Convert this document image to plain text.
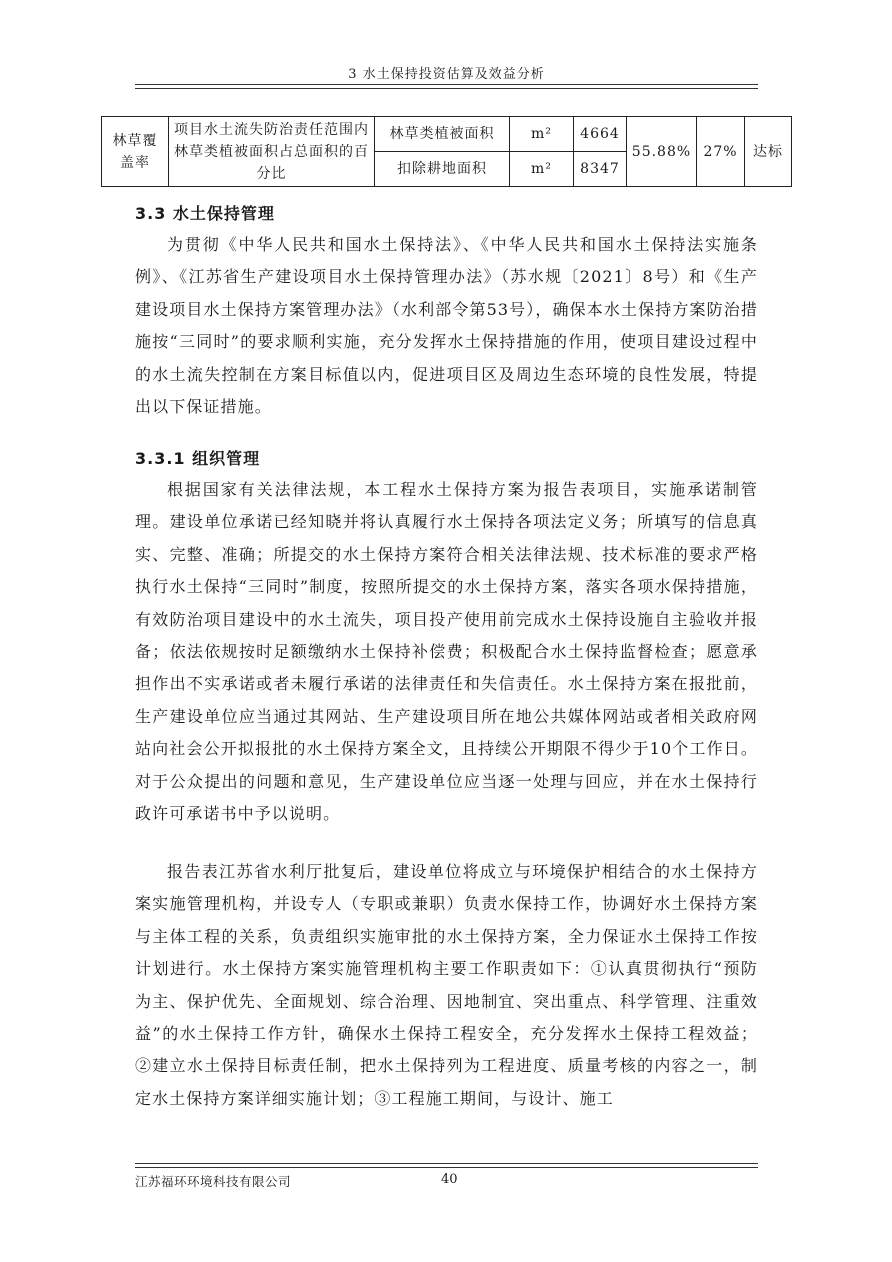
3 水土保持投资估算及效益分析
林草覆盖率	项目水土流失防治责任范围内林草类植被面积占总面积的百分比	林草类植被面积	m²	4664	55.88%	27%	达标
		扣除耕地面积	m²	8347			
3.3 水土保持管理

为贯彻《中华人民共和国水土保持法》、《中华人民共和国水土保持法实施条例》、《江苏省生产建设项目水土保持管理办法》（苏水规〔2021〕8号）和《生产建设项目水土保持方案管理办法》（水利部令第53号），确保本水土保持方案防治措施按“三同时”的要求顺利实施，充分发挥水土保持措施的作用，使项目建设过程中的水土流失控制在方案目标值以内，促进项目区及周边生态环境的良性发展，特提出以下保证措施。

3.3.1 组织管理

根据国家有关法律法规，本工程水土保持方案为报告表项目，实施承诺制管理。建设单位承诺已经知晓并将认真履行水土保持各项法定义务；所填写的信息真实、完整、准确；所提交的水土保持方案符合相关法律法规、技术标准的要求严格执行水土保持“三同时”制度，按照所提交的水土保持方案，落实各项水保持措施，有效防治项目建设中的水土流失，项目投产使用前完成水土保持设施自主验收并报备；依法依规按时足额缴纳水土保持补偿费；积极配合水土保持监督检查；愿意承担作出不实承诺或者未履行承诺的法律责任和失信责任。水土保持方案在报批前，生产建设单位应当通过其网站、生产建设项目所在地公共媒体网站或者相关政府网站向社会公开拟报批的水土保持方案全文，且持续公开期限不得少于10个工作日。对于公众提出的问题和意见，生产建设单位应当逐一处理与回应，并在水土保持行政许可承诺书中予以说明。

报告表江苏省水利厅批复后，建设单位将成立与环境保护相结合的水土保持方案实施管理机构，并设专人（专职或兼职）负责水保持工作，协调好水土保持方案与主体工程的关系，负责组织实施审批的水土保持方案，全力保证水土保持工作按计划进行。水土保持方案实施管理机构主要工作职责如下：①认真贯彻执行“预防为主、保护优先、全面规划、综合治理、因地制宜、突出重点、科学管理、注重效益”的水土保持工作方针，确保水土保持工程安全，充分发挥水土保持工程效益；②建立水土保持目标责任制，把水土保持列为工程进度、质量考核的内容之一，制定水土保持方案详细实施计划；③工程施工期间，与设计、施工

江苏福环环境科技有限公司	40
